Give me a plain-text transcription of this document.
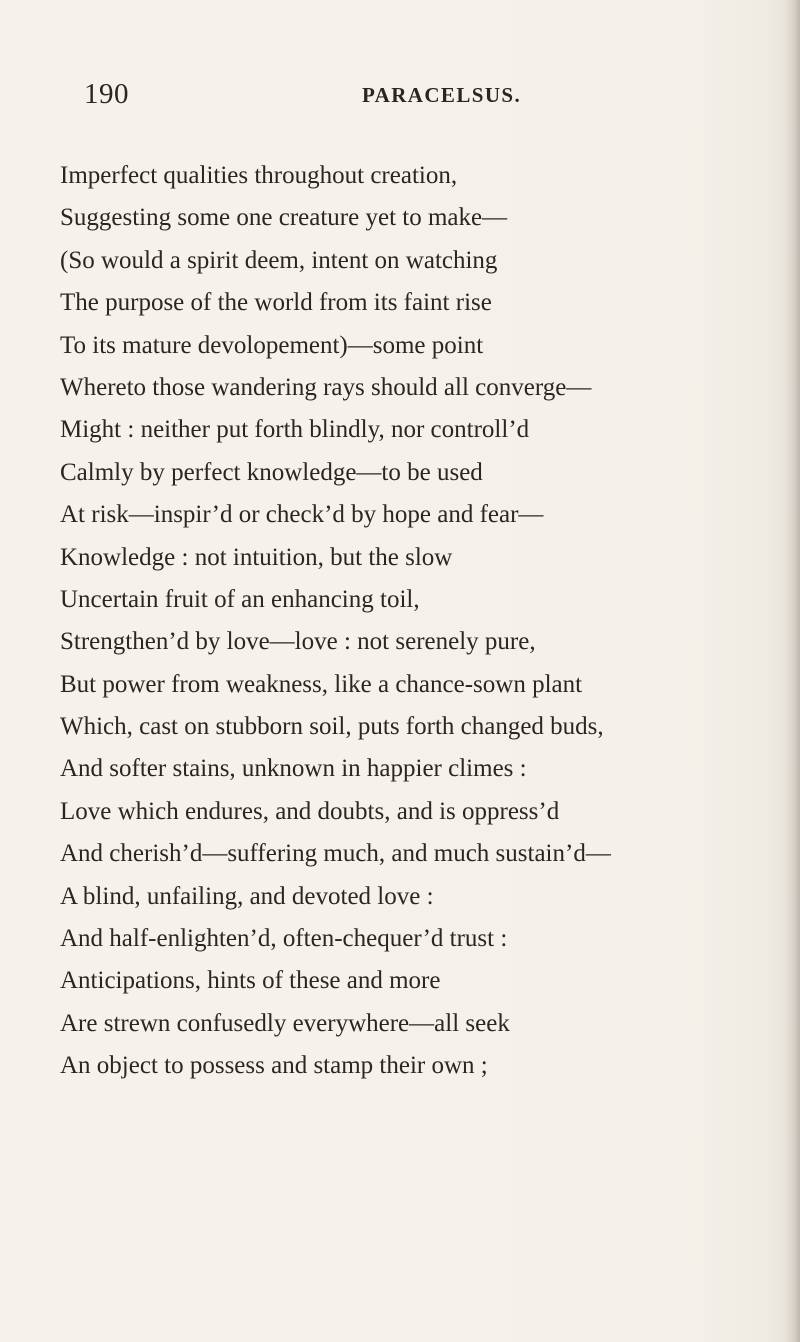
190	PARACELSUS.
Imperfect qualities throughout creation,
Suggesting some one creature yet to make—
(So would a spirit deem, intent on watching
The purpose of the world from its faint rise
To its mature devolopement)—some point
Whereto those wandering rays should all converge—
Might : neither put forth blindly, nor controll’d
Calmly by perfect knowledge—to be used
At risk—inspir’d or check’d by hope and fear—
Knowledge : not intuition, but the slow
Uncertain fruit of an enhancing toil,
Strengthen’d by love—love : not serenely pure,
But power from weakness, like a chance-sown plant
Which, cast on stubborn soil, puts forth changed buds,
And softer stains, unknown in happier climes :
Love which endures, and doubts, and is oppress’d
And cherish’d—suffering much, and much sustain’d—
A blind, unfailing, and devoted love :
And half-enlighten’d, often-chequer’d trust :
Anticipations, hints of these and more
Are strewn confusedly everywhere—all seek
An object to possess and stamp their own ;
